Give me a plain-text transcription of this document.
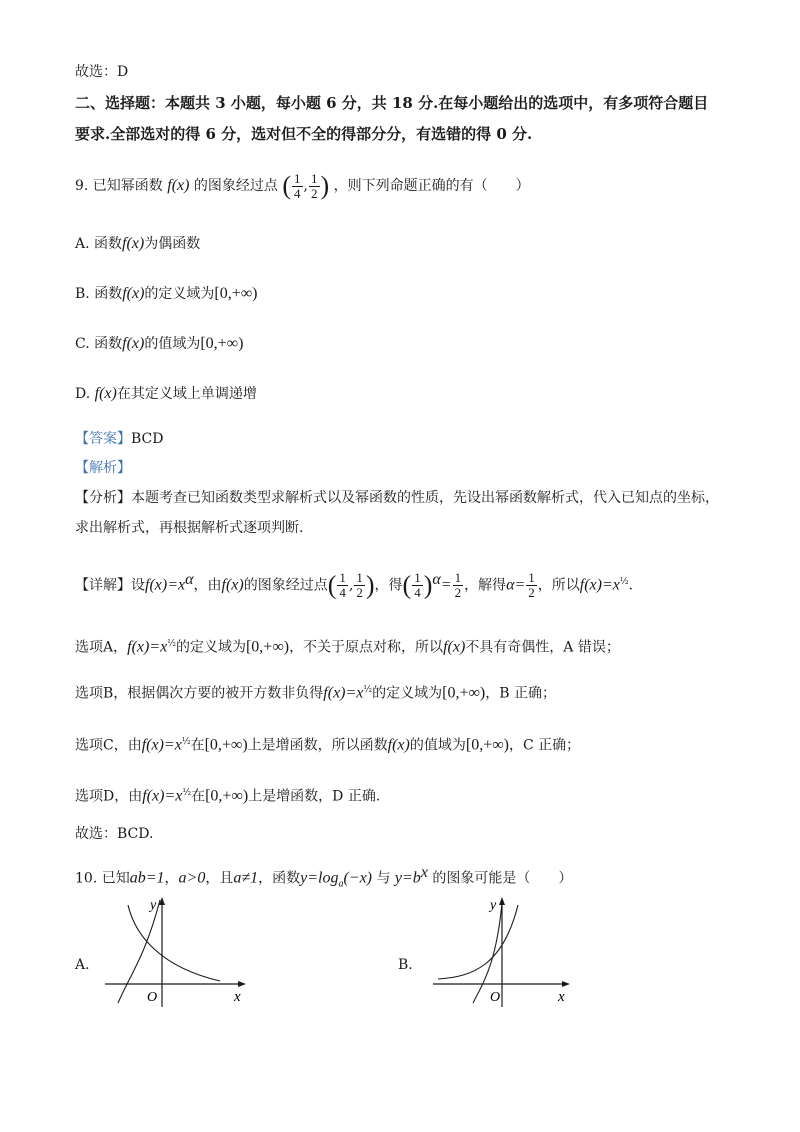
故选：D
二、选择题：本题共 3 小题，每小题 6 分，共 18 分.在每小题给出的选项中，有多项符合题目
要求.全部选对的得 6 分，选对但不全的得部分分，有选错的得 0 分.
9. 已知幂函数 f(x) 的图象经过点 ( $\frac{1}{4}$ , $\frac{1}{2}$ ) ，则下列命题正确的有（　　）
A. 函数f(x)为偶函数
B. 函数f(x)的定义域为[0,+∞)
C. 函数f(x)的值域为[0,+∞)
D. f(x)在其定义域上单调递增
【答案】BCD
【解析】
【分析】本题考查已知函数类型求解析式以及幂函数的性质，先设出幂函数解析式，代入已知点的坐标，
求出解析式，再根据解析式逐项判断.
【详解】设$f(x)=x^\alpha$，由f(x)的图象经过点( $\frac{1}{4}$ , $\frac{1}{2}$ )，得( $\frac{1}{4} )^\alpha= \frac{1}{2}$ ，解得$\alpha= \frac{1}{2}$ ，所以$f(x)=x^{\frac{1}{2}}$.
选项A，$f(x)=x^{\frac{1}{2}}$的定义域为[0,+∞)，不关于原点对称，所以f(x)不具有奇偶性，A 错误；
选项B，根据偶次方要的被开方数非负得$f(x)=x^{\frac{1}{2}}$的定义域为[0,+∞)，B 正确；
选项C，由$f(x)=x^{\frac{1}{2}}$在[0,+∞)上是增函数，所以函数f(x)的值域为[0,+∞)，C 正确；
选项D，由$f(x)=x^{\frac{1}{2}}$在[0,+∞)上是增函数，D 正确.
故选：BCD.
10. 已知ab=1，a>0，且a≠1，函数$y=\log_a(-x)$ 与 $y=b^x$ 的图象可能是（　　）
A.	B.
y
x
O
y
x
O
